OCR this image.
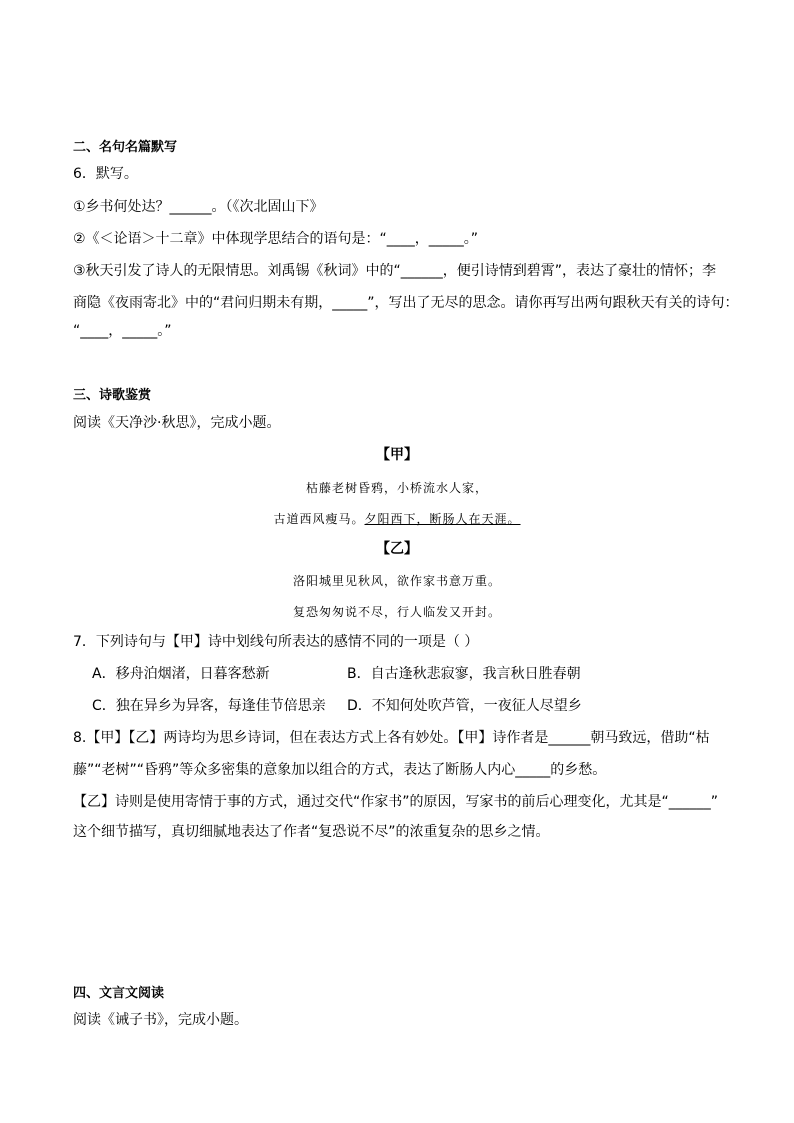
二、名句名篇默写
6．默写。
①乡书何处达？______。（《次北固山下》
②《＜论语＞十二章》中体现学思结合的语句是：“____，_____。”
③秋天引发了诗人的无限情思。刘禹锡《秋词》中的“______，便引诗情到碧霄”，表达了豪壮的情怀；李
商隐《夜雨寄北》中的“君问归期未有期，_____”，写出了无尽的思念。请你再写出两句跟秋天有关的诗句：
“____，_____。”
三、诗歌鉴赏
阅读《天净沙·秋思》，完成小题。
【甲】
枯藤老树昏鸦，小桥流水人家，
古道西风瘦马。夕阳西下，断肠人在天涯。
【乙】
洛阳城里见秋风，欲作家书意万重。
复恐匆匆说不尽，行人临发又开封。
7．下列诗句与【甲】诗中划线句所表达的感情不同的一项是（ ）
A．移舟泊烟渚，日暮客愁新	B．自古逢秋悲寂寥，我言秋日胜春朝
C．独在异乡为异客，每逢佳节倍思亲 D．不知何处吹芦管，一夜征人尽望乡
8.【甲】【乙】两诗均为思乡诗词，但在表达方式上各有妙处。【甲】诗作者是______朝马致远，借助“枯
藤”“老树”“昏鸦”等众多密集的意象加以组合的方式，表达了断肠人内心_____的乡愁。
【乙】诗则是使用寄情于事的方式，通过交代“作家书”的原因，写家书的前后心理变化，尤其是“______”
这个细节描写，真切细腻地表达了作者“复恐说不尽”的浓重复杂的思乡之情。
四、文言文阅读
阅读《诫子书》，完成小题。
